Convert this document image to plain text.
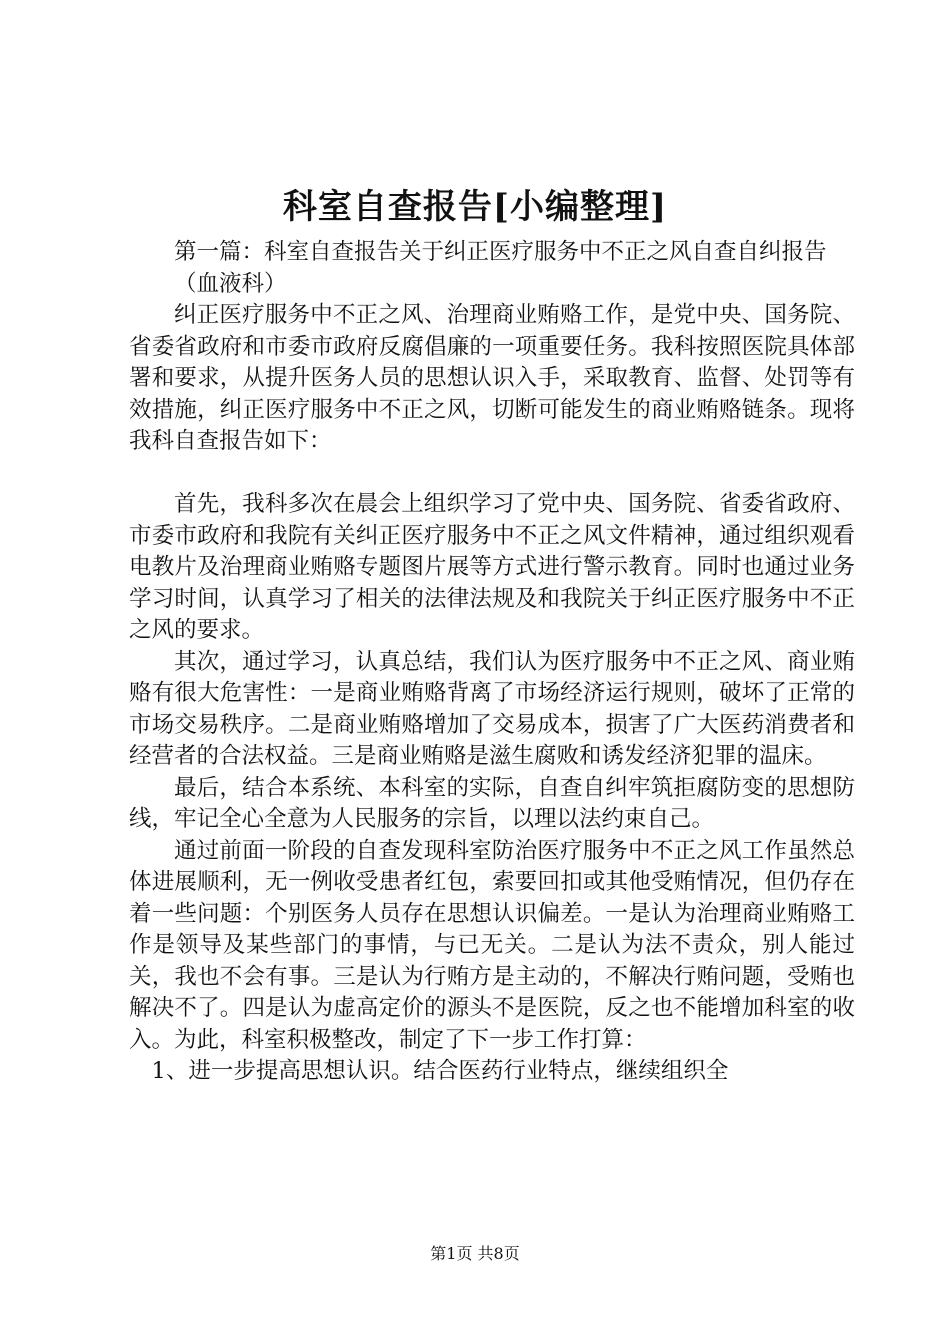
科室自查报告[小编整理]

第一篇：科室自查报告关于纠正医疗服务中不正之风自查自纠报告

（血液科）

纠正医疗服务中不正之风、治理商业贿赂工作，是党中央、国务院、省委省政府和市委市政府反腐倡廉的一项重要任务。我科按照医院具体部署和要求，从提升医务人员的思想认识入手，采取教育、监督、处罚等有效措施，纠正医疗服务中不正之风，切断可能发生的商业贿赂链条。现将我科自查报告如下：

首先，我科多次在晨会上组织学习了党中央、国务院、省委省政府、市委市政府和我院有关纠正医疗服务中不正之风文件精神，通过组织观看电教片及治理商业贿赂专题图片展等方式进行警示教育。同时也通过业务学习时间，认真学习了相关的法律法规及和我院关于纠正医疗服务中不正之风的要求。

其次，通过学习，认真总结，我们认为医疗服务中不正之风、商业贿赂有很大危害性：一是商业贿赂背离了市场经济运行规则，破坏了正常的市场交易秩序。二是商业贿赂增加了交易成本，损害了广大医药消费者和经营者的合法权益。三是商业贿赂是滋生腐败和诱发经济犯罪的温床。

最后，结合本系统、本科室的实际，自查自纠牢筑拒腐防变的思想防线，牢记全心全意为人民服务的宗旨，以理以法约束自己。

通过前面一阶段的自查发现科室防治医疗服务中不正之风工作虽然总体进展顺利，无一例收受患者红包，索要回扣或其他受贿情况，但仍存在着一些问题：个别医务人员存在思想认识偏差。一是认为治理商业贿赂工作是领导及某些部门的事情，与已无关。二是认为法不责众，别人能过关，我也不会有事。三是认为行贿方是主动的，不解决行贿问题，受贿也解决不了。四是认为虚高定价的源头不是医院，反之也不能增加科室的收入。为此，科室积极整改，制定了下一步工作打算：

1、进一步提高思想认识。结合医药行业特点，继续组织全

第1页 共8页
